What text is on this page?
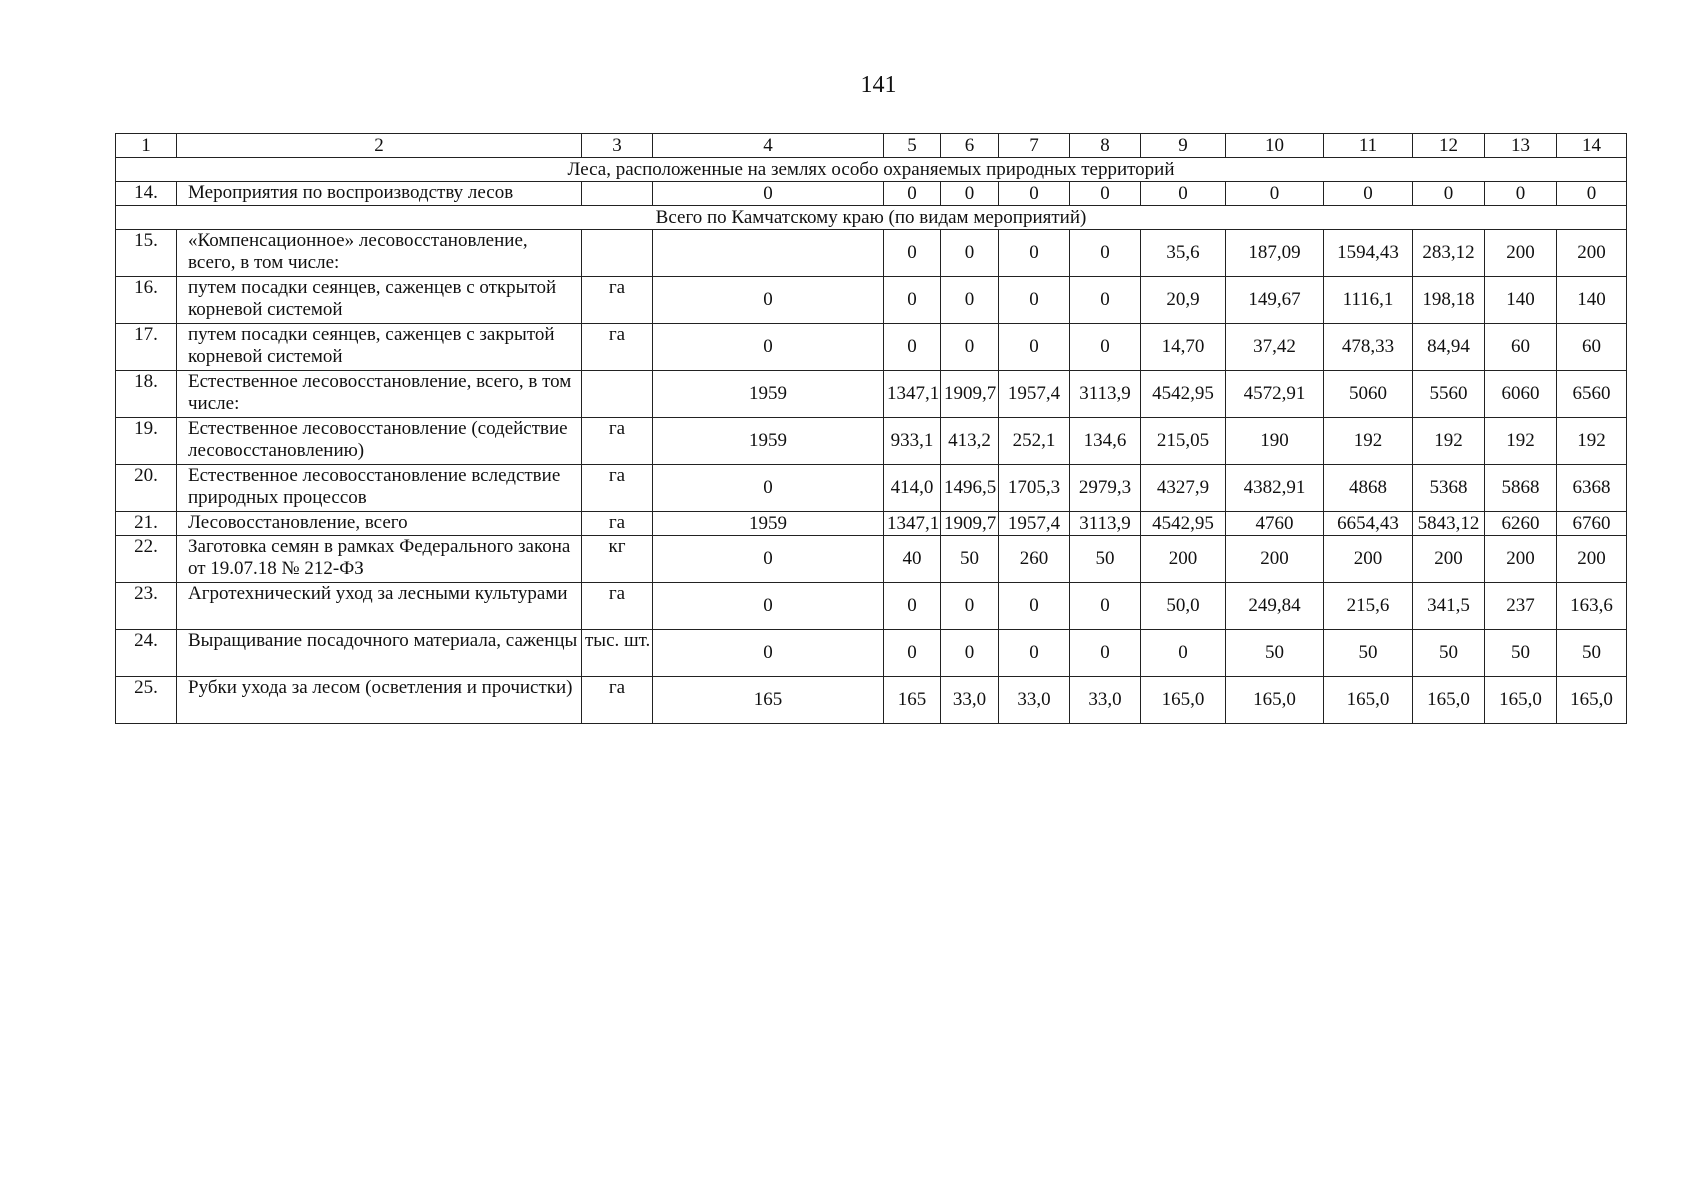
141
1	2	3	4	5	6	7	8	9	10	11	12	13	14
Леса, расположенные на землях особо охраняемых природных территорий													
14.	Мероприятия по воспроизводству лесов		0	0	0	0	0	0	0	0	0	0	0
Всего по Камчатскому краю (по видам мероприятий)													
15.	«Компенсационное» лесовосстановление, всего, в том числе:			0	0	0	0	35,6	187,09	1594,43	283,12	200	200
16.	путем посадки сеянцев, саженцев с открытой корневой системой	га	0	0	0	0	0	20,9	149,67	1116,1	198,18	140	140
17.	путем посадки сеянцев, саженцев с закрытой корневой системой	га	0	0	0	0	0	14,70	37,42	478,33	84,94	60	60
18.	Естественное лесовосстановление, всего, в том числе:		1959	1347,1	1909,7	1957,4	3113,9	4542,95	4572,91	5060	5560	6060	6560
19.	Естественное лесовосстановление (содействие лесовосстановлению)	га	1959	933,1	413,2	252,1	134,6	215,05	190	192	192	192	192
20.	Естественное лесовосстановление вследствие природных процессов	га	0	414,0	1496,5	1705,3	2979,3	4327,9	4382,91	4868	5368	5868	6368
21.	Лесовосстановление, всего	га	1959	1347,1	1909,7	1957,4	3113,9	4542,95	4760	6654,43	5843,12	6260	6760
22.	Заготовка семян в рамках Федерального закона от 19.07.18 № 212-ФЗ	кг	0	40	50	260	50	200	200	200	200	200	200
23.	Агротехнический уход за лесными культурами	га	0	0	0	0	0	50,0	249,84	215,6	341,5	237	163,6
24.	Выращивание посадочного материала, саженцы	тыс. шт.	0	0	0	0	0	0	50	50	50	50	50
25.	Рубки ухода за лесом (осветления и прочистки)	га	165	165	33,0	33,0	33,0	165,0	165,0	165,0	165,0	165,0	165,0
